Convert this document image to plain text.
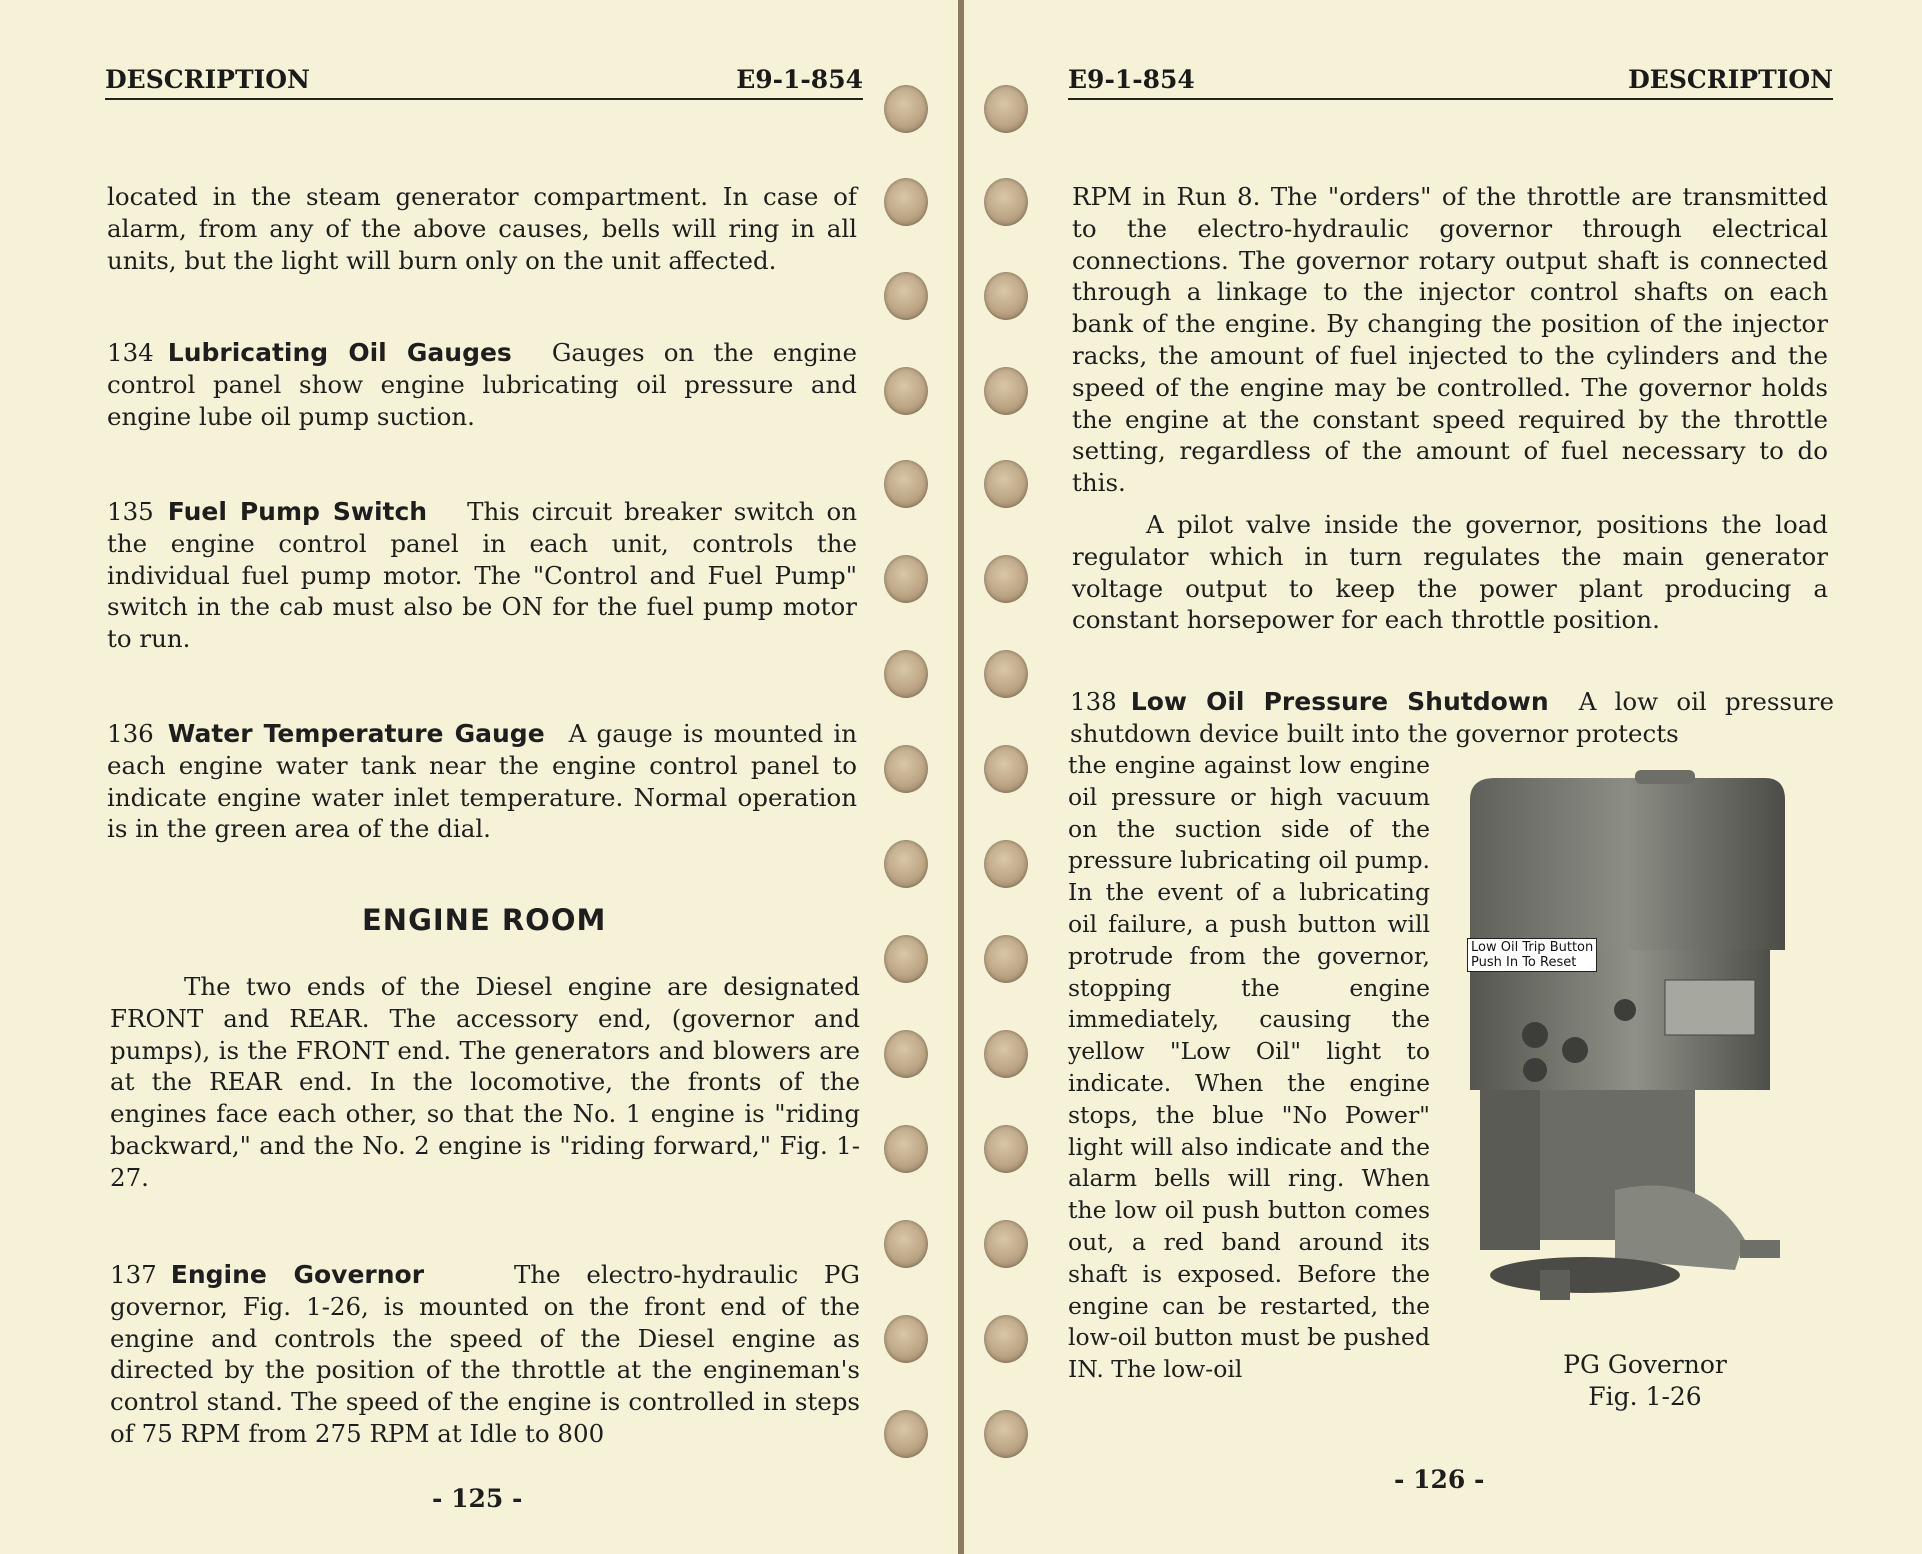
DESCRIPTION	E9-1-854

located in the steam generator compartment. In case of alarm, from any of the above causes, bells will ring in all units, but the light will burn only on the unit affected.

134 Lubricating Oil Gauges Gauges on the engine control panel show engine lubricating oil pressure and engine lube oil pump suction.
135 Fuel Pump Switch This circuit breaker switch on the engine control panel in each unit, controls the individual fuel pump motor. The "Control and Fuel Pump" switch in the cab must also be ON for the fuel pump motor to run.
136 Water Temperature Gauge A gauge is mounted in each engine water tank near the engine control panel to indicate engine water inlet temperature. Normal operation is in the green area of the dial.
ENGINE ROOM

The two ends of the Diesel engine are designated FRONT and REAR. The accessory end, (governor and pumps), is the FRONT end. The generators and blowers are at the REAR end. In the locomotive, the fronts of the engines face each other, so that the No. 1 engine is "riding backward," and the No. 2 engine is "riding forward," Fig. 1-27.

137 Engine Governor	The electro-hydraulic PG governor, Fig. 1-26, is mounted on the front end of the engine and controls the speed of the Diesel engine as directed by the position of the throttle at the engineman's control stand. The speed of the engine is controlled in steps of 75 RPM from 275 RPM at Idle to 800
- 125 -
E9-1-854	DESCRIPTION

RPM in Run 8. The "orders" of the throttle are transmitted to the electro-hydraulic governor through electrical connections. The governor rotary output shaft is connected through a linkage to the injector control shafts on each bank of the engine. By changing the position of the injector racks, the amount of fuel injected to the cylinders and the speed of the engine may be controlled. The governor holds the engine at the constant speed required by the throttle setting, regardless of the amount of fuel necessary to do this.

A pilot valve inside the governor, positions the load regulator which in turn regulates the main generator voltage output to keep the power plant producing a constant horsepower for each throttle position.

138 Low Oil Pressure Shutdown A low oil pressure shutdown device built into the governor protects

the engine against low engine oil pressure or high vacuum on the suction side of the pressure lubricating oil pump. In the event of a lubricating oil failure, a push button will protrude from the governor, stopping the engine immediately, causing the yellow "Low Oil" light to indicate. When the engine stops, the blue "No Power" light will also indicate and the alarm bells will ring. When the low oil push button comes out, a red band around its shaft is exposed. Before the engine can be restarted, the low-oil button must be pushed IN. The low-oil

- 126 -
Low Oil Trip Button
Push In To Reset
PG Governor
Fig. 1-26
